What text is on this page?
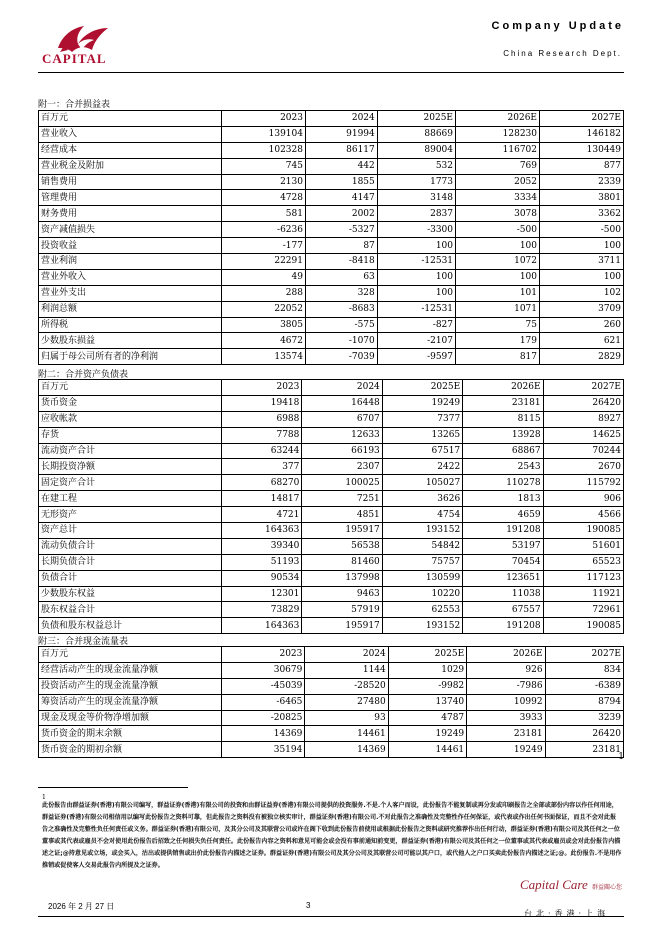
CAPITAL
Company Update
China Research Dept.
附一：合并损益表
百万元	2023	2024	2025E	2026E	2027E
营业收入	139104	91994	88669	128230	146182
经营成本	102328	86117	89004	116702	130449
营业税金及附加	745	442	532	769	877
销售费用	2130	1855	1773	2052	2339
管理费用	4728	4147	3148	3334	3801
财务费用	581	2002	2837	3078	3362
资产减值损失	-6236	-5327	-3300	-500	-500
投资收益	-177	87	100	100	100
营业利润	22291	-8418	-12531	1072	3711
营业外收入	49	63	100	100	100
营业外支出	288	328	100	101	102
利润总额	22052	-8683	-12531	1071	3709
所得税	3805	-575	-827	75	260
少数股东损益	4672	-1070	-2107	179	621
归属于母公司所有者的净利润	13574	-7039	-9597	817	2829
附二：合并资产负债表
百万元	2023	2024	2025E	2026E	2027E
货币资金	19418	16448	19249	23181	26420
应收帐款	6988	6707	7377	8115	8927
存货	7788	12633	13265	13928	14625
流动资产合计	63244	66193	67517	68867	70244
长期投资净额	377	2307	2422	2543	2670
固定资产合计	68270	100025	105027	110278	115792
在建工程	14817	7251	3626	1813	906
无形资产	4721	4851	4754	4659	4566
资产总计	164363	195917	193152	191208	190085
流动负债合计	39340	56538	54842	53197	51601
长期负债合计	51193	81460	75757	70454	65523
负债合计	90534	137998	130599	123651	117123
少数股东权益	12301	9463	10220	11038	11921
股东权益合计	73829	57919	62553	67557	72961
负债和股东权益总计	164363	195917	193152	191208	190085
附三：合并现金流量表
百万元	2023	2024	2025E	2026E	2027E
经营活动产生的现金流量净额	30679	1144	1029	926	834
投资活动产生的现金流量净额	-45039	-28520	-9982	-7986	-6389
筹资活动产生的现金流量净额	-6465	27480	13740	10992	8794
现金及现金等价物净增加额	-20825	93	4787	3933	3239
货币资金的期末余额	14369	14461	19249	23181	26420
货币资金的期初余额	35194	14369	14461	19249	23181
1
1
此份报告由群益证券(香港)有限公司编写，群益证券(香港)有限公司的投资和由群证益券(香港)有限公司提供的投资服务.不是.个人客户而设，此份报告不能复制或再分发或印刷报告之全部或部份内容以作任何用途，群益证券(香港)有限公司相信用以编写此份报告之资料可靠，但此报告之资料没有被独立核实审计，群益证券(香港)有限公司.不对此报告之准确性及完整性作任何保证，或代表或作出任何书面保证，而且不会对此报告之准确性及完整性负任何责任或义务。群益证券(香港)有限公司，及其分公司及其联营公司或许在阁下收到此份报告前使用或根据此份报告之资料或研究推荐作出任何行动，群益证券(香港)有限公司及其任何之一位董事或其代表或雇员不会对使用此份报告后招致之任何损失负任何责任。此份报告内容之资料和意见可能会或会没有事前通知前变更，群益证券(香港)有限公司及其任何之一位董事或其代表或雇员或会对此份报告内描述之证;@持意见或立场，或会买入，沽出或提供销售或出价此份报告内描述之证券。群益证券(香港)有限公司及其分公司及其联营公司可能以其户口，或代他人之户口买卖此份报告内描述之证;@。此份报告.不是用作推销或促使客人交易此报告内所提及之证券。
2026 年 2 月 27 日	3
Capital Care 群益關心您
台北·香港·上海
